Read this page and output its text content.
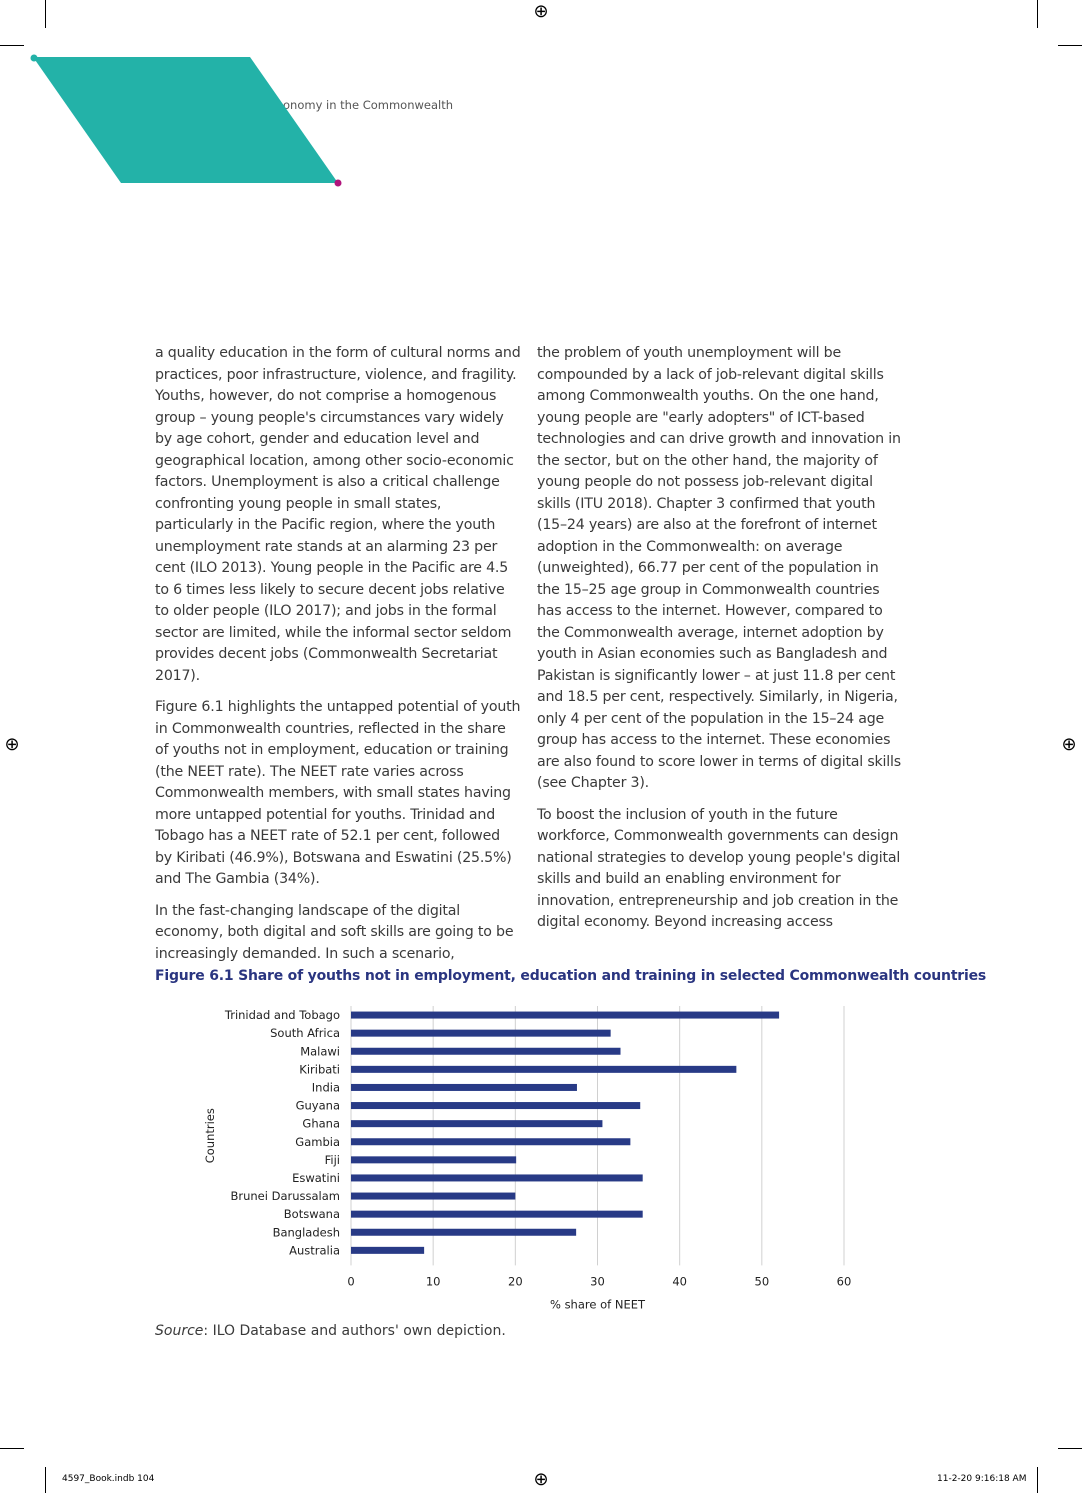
⊕
⊕	⊕
⊕
onomy in the Commonwealth

a quality education in the form of cultural norms and practices, poor infrastructure, violence, and fragility. Youths, however, do not comprise a homogenous group – young people's circumstances vary widely by age cohort, gender and education level and geographical location, among other socio-economic factors. Unemployment is also a critical challenge confronting young people in small states, particularly in the Pacific region, where the youth unemployment rate stands at an alarming 23 per cent (ILO 2013). Young people in the Pacific are 4.5 to 6 times less likely to secure decent jobs relative to older people (ILO 2017); and jobs in the formal sector are limited, while the informal sector seldom provides decent jobs (Commonwealth Secretariat 2017).

Figure 6.1 highlights the untapped potential of youth in Commonwealth countries, reflected in the share of youths not in employment, education or training (the NEET rate). The NEET rate varies across Commonwealth members, with small states having more untapped potential for youths. Trinidad and Tobago has a NEET rate of 52.1 per cent, followed by Kiribati (46.9%), Botswana and Eswatini (25.5%) and The Gambia (34%).

In the fast-changing landscape of the digital economy, both digital and soft skills are going to be increasingly demanded. In such a scenario,

the problem of youth unemployment will be compounded by a lack of job-relevant digital skills among Commonwealth youths. On the one hand, young people are "early adopters" of ICT-based technologies and can drive growth and innovation in the sector, but on the other hand, the majority of young people do not possess job-relevant digital skills (ITU 2018). Chapter 3 confirmed that youth (15–24 years) are also at the forefront of internet adoption in the Commonwealth: on average (unweighted), 66.77 per cent of the population in the 15–25 age group in Commonwealth countries has access to the internet. However, compared to the Commonwealth average, internet adoption by youth in Asian economies such as Bangladesh and Pakistan is significantly lower – at just 11.8 per cent and 18.5 per cent, respectively. Similarly, in Nigeria, only 4 per cent of the population in the 15–24 age group has access to the internet. These economies are also found to score lower in terms of digital skills (see Chapter 3).

To boost the inclusion of youth in the future workforce, Commonwealth governments can design national strategies to develop young people's digital skills and build an enabling environment for innovation, entrepreneurship and job creation in the digital economy. Beyond increasing access

Figure 6.1 Share of youths not in employment, education and training in selected Commonwealth countries
0	10	20	30	40	50	60
Trinidad and Tobago
South Africa
Malawi
Kiribati
India
Guyana
Ghana
Gambia
Fiji
Eswatini
Brunei Darussalam
Botswana
Bangladesh
Australia
% share of NEET
Countries
Source: ILO Database and authors' own depiction.
4597_Book.indb 104	11-2-20 9:16:18 AM
